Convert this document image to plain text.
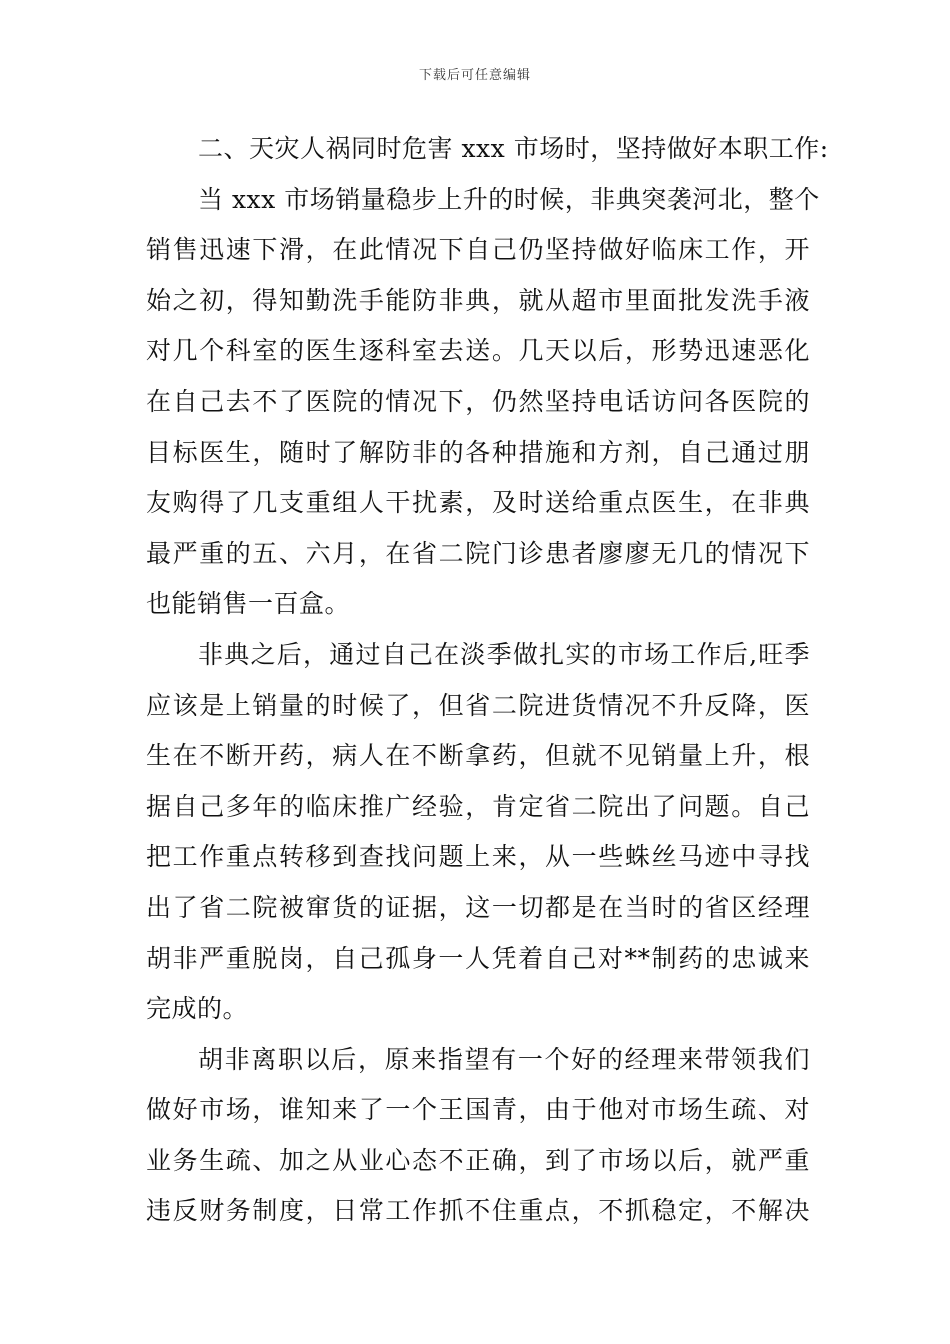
下载后可任意编辑
二、天灾人祸同时危害 xxx 市场时，坚持做好本职工作:
当 xxx 市场销量稳步上升的时候，非典突袭河北，整个
销售迅速下滑，在此情况下自己仍坚持做好临床工作，开
始之初，得知勤洗手能防非典，就从超市里面批发洗手液
对几个科室的医生逐科室去送。几天以后，形势迅速恶化
在自己去不了医院的情况下，仍然坚持电话访问各医院的
目标医生，随时了解防非的各种措施和方剂，自己通过朋
友购得了几支重组人干扰素，及时送给重点医生，在非典
最严重的五、六月，在省二院门诊患者廖廖无几的情况下
也能销售一百盒。
非典之后，通过自己在淡季做扎实的市场工作后,旺季
应该是上销量的时候了，但省二院进货情况不升反降，医
生在不断开药，病人在不断拿药，但就不见销量上升，根
据自己多年的临床推广经验，肯定省二院出了问题。自己
把工作重点转移到查找问题上来，从一些蛛丝马迹中寻找
出了省二院被窜货的证据，这一切都是在当时的省区经理
胡非严重脱岗，自己孤身一人凭着自己对**制药的忠诚来
完成的。
胡非离职以后，原来指望有一个好的经理来带领我们
做好市场，谁知来了一个王国青，由于他对市场生疏、对
业务生疏、加之从业心态不正确，到了市场以后，就严重
违反财务制度，日常工作抓不住重点，不抓稳定，不解决
